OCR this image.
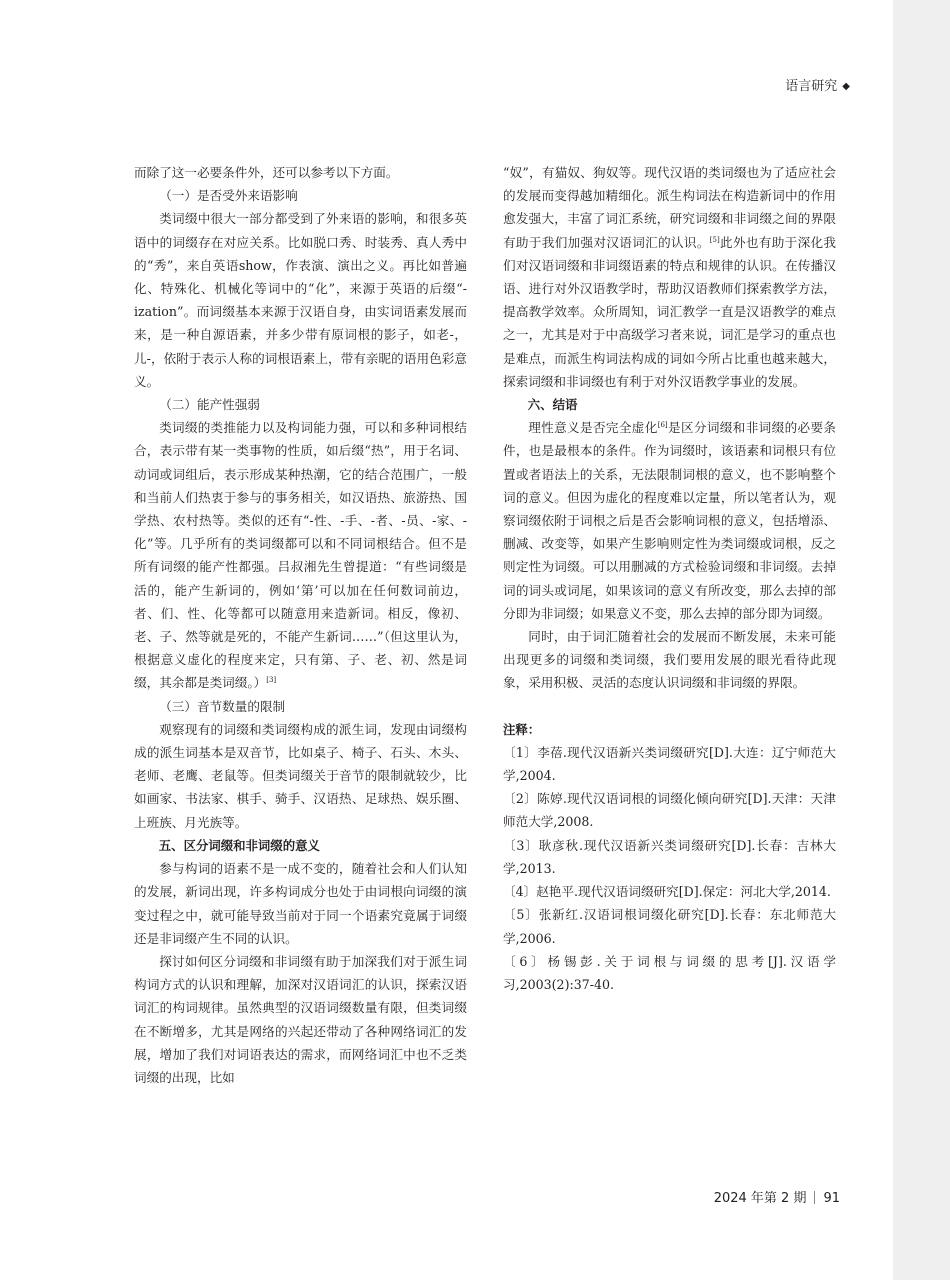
语言研究 ◆

而除了这一必要条件外，还可以参考以下方面。

（一）是否受外来语影响

类词缀中很大一部分都受到了外来语的影响，和很多英语中的词缀存在对应关系。比如脱口秀、时装秀、真人秀中的“秀”，来自英语show，作表演、演出之义。再比如普遍化、特殊化、机械化等词中的“化”，来源于英语的后缀“-ization”。而词缀基本来源于汉语自身，由实词语素发展而来，是一种自源语素，并多少带有原词根的影子，如老-，儿-，依附于表示人称的词根语素上，带有亲昵的语用色彩意义。

（二）能产性强弱

类词缀的类推能力以及构词能力强，可以和多种词根结合，表示带有某一类事物的性质，如后缀“热”，用于名词、动词或词组后，表示形成某种热潮，它的结合范围广，一般和当前人们热衷于参与的事务相关，如汉语热、旅游热、国学热、农村热等。类似的还有“-性、-手、-者、-员、-家、-化”等。几乎所有的类词缀都可以和不同词根结合。但不是所有词缀的能产性都强。吕叔湘先生曾提道：“有些词缀是活的，能产生新词的，例如‘第’可以加在任何数词前边，者、们、性、化等都可以随意用来造新词。相反，像初、老、子、然等就是死的，不能产生新词……”（但这里认为，根据意义虚化的程度来定，只有第、子、老、初、然是词缀，其余都是类词缀。）[3]

（三）音节数量的限制

观察现有的词缀和类词缀构成的派生词，发现由词缀构成的派生词基本是双音节，比如桌子、椅子、石头、木头、老师、老鹰、老鼠等。但类词缀关于音节的限制就较少，比如画家、书法家、棋手、骑手、汉语热、足球热、娱乐圈、上班族、月光族等。

五、区分词缀和非词缀的意义

参与构词的语素不是一成不变的，随着社会和人们认知的发展，新词出现，许多构词成分也处于由词根向词缀的演变过程之中，就可能导致当前对于同一个语素究竟属于词缀还是非词缀产生不同的认识。

探讨如何区分词缀和非词缀有助于加深我们对于派生词构词方式的认识和理解，加深对汉语词汇的认识，探索汉语词汇的构词规律。虽然典型的汉语词缀数量有限，但类词缀在不断增多，尤其是网络的兴起还带动了各种网络词汇的发展，增加了我们对词语表达的需求，而网络词汇中也不乏类词缀的出现，比如

“奴”，有猫奴、狗奴等。现代汉语的类词缀也为了适应社会的发展而变得越加精细化。派生构词法在构造新词中的作用愈发强大，丰富了词汇系统，研究词缀和非词缀之间的界限有助于我们加强对汉语词汇的认识。[5]此外也有助于深化我们对汉语词缀和非词缀语素的特点和规律的认识。在传播汉语、进行对外汉语教学时，帮助汉语教师们探索教学方法，提高教学效率。众所周知，词汇教学一直是汉语教学的难点之一，尤其是对于中高级学习者来说，词汇是学习的重点也是难点，而派生构词法构成的词如今所占比重也越来越大，探索词缀和非词缀也有利于对外汉语教学事业的发展。

六、结语

理性意义是否完全虚化[6]是区分词缀和非词缀的必要条件，也是最根本的条件。作为词缀时，该语素和词根只有位置或者语法上的关系，无法限制词根的意义，也不影响整个词的意义。但因为虚化的程度难以定量，所以笔者认为，观察词缀依附于词根之后是否会影响词根的意义，包括增添、删减、改变等，如果产生影响则定性为类词缀或词根，反之则定性为词缀。可以用删减的方式检验词缀和非词缀。去掉词的词头或词尾，如果该词的意义有所改变，那么去掉的部分即为非词缀；如果意义不变，那么去掉的部分即为词缀。

同时，由于词汇随着社会的发展而不断发展，未来可能出现更多的词缀和类词缀，我们要用发展的眼光看待此现象，采用积极、灵活的态度认识词缀和非词缀的界限。

注释：

〔1〕李蓓.现代汉语新兴类词缀研究[D].大连：辽宁师范大学,2004.

〔2〕陈婷.现代汉语词根的词缀化倾向研究[D].天津：天津师范大学,2008.

〔3〕耿彦秋.现代汉语新兴类词缀研究[D].长春：吉林大学,2013.

〔4〕赵艳平.现代汉语词缀研究[D].保定：河北大学,2014.

〔5〕张新红.汉语词根词缀化研究[D].长春：东北师范大学,2006.

〔6〕杨锡彭.关于词根与词缀的思考[J].汉语学习,2003(2):37-40.

2024 年第 2 期 91
